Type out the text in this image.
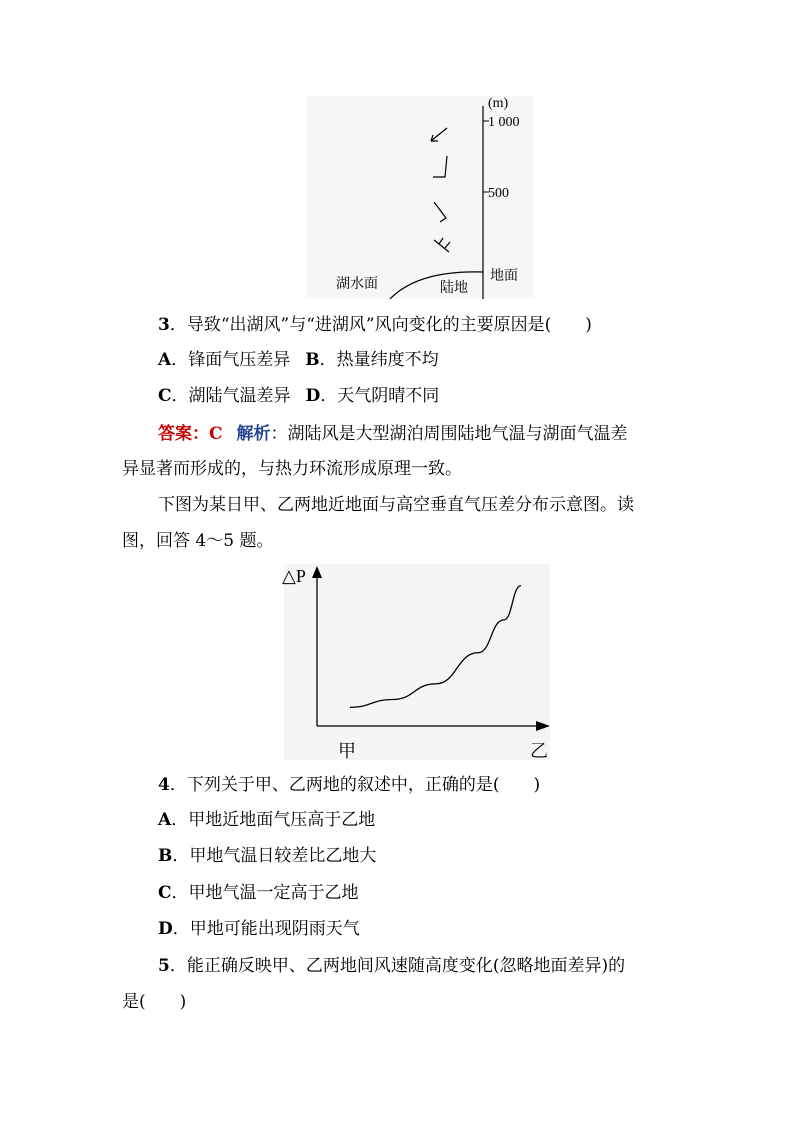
(m)
1 000
500
地面
湖水面	陆地
3．导致“出湖风”与“进湖风”风向变化的主要原因是(　　)
A．锋面气压差异 B．热量纬度不均
C．湖陆气温差异 D．天气阴晴不同
答案：C 解析：湖陆风是大型湖泊周围陆地气温与湖面气温差
异显著而形成的，与热力环流形成原理一致。
下图为某日甲、乙两地近地面与高空垂直气压差分布示意图。读
图，回答 4～5 题。
△P
甲	乙
4．下列关于甲、乙两地的叙述中，正确的是(　　)
A．甲地近地面气压高于乙地
B．甲地气温日较差比乙地大
C．甲地气温一定高于乙地
D．甲地可能出现阴雨天气
5．能正确反映甲、乙两地间风速随高度变化(忽略地面差异)的
是(　　)
